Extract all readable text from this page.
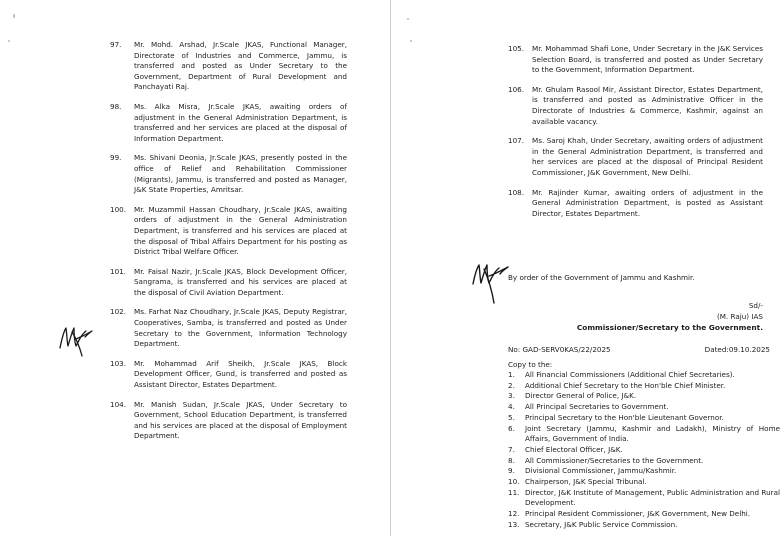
97.	Mr. Mohd. Arshad, Jr.Scale JKAS, Functional Manager, Directorate of Industries and Commerce, Jammu, is transferred and posted as Under Secretary to the Government, Department of Rural Development and Panchayati Raj.
98.	Ms. Alka Misra, Jr.Scale JKAS, awaiting orders of adjustment in the General Administration Department, is transferred and her services are placed at the disposal of Information Department.
99.	Ms. Shivani Deonia, Jr.Scale JKAS, presently posted in the office of Relief and Rehabilitation Commissioner (Migrants), Jammu, is transferred and posted as Manager, J&K State Properties, Amritsar.
100.	Mr. Muzammil Hassan Choudhary, Jr.Scale JKAS, awaiting orders of adjustment in the General Administration Department, is transferred and his services are placed at the disposal of Tribal Affairs Department for his posting as District Tribal Welfare Officer.
101.	Mr. Faisal Nazir, Jr.Scale JKAS, Block Development Officer, Sangrama, is transferred and his services are placed at the disposal of Civil Aviation Department.
102.	Ms. Farhat Naz Choudhary, Jr.Scale JKAS, Deputy Registrar, Cooperatives, Samba, is transferred and posted as Under Secretary to the Government, Information Technology Department.
103.	Mr. Mohammad Arif Sheikh, Jr.Scale JKAS, Block Development Officer, Gund, is transferred and posted as Assistant Director, Estates Department.
104.	Mr. Manish Sudan, Jr.Scale JKAS, Under Secretary to Government, School Education Department, is transferred and his services are placed at the disposal of Employment Department.
105.	Mr. Mohammad Shafi Lone, Under Secretary in the J&K Services Selection Board, is transferred and posted as Under Secretary to the Government, Information Department.
106.	Mr. Ghulam Rasool Mir, Assistant Director, Estates Department, is transferred and posted as Administrative Officer in the Directorate of Industries & Commerce, Kashmir, against an available vacancy.
107.	Ms. Saroj Khah, Under Secretary, awaiting orders of adjustment in the General Administration Department, is transferred and her services are placed at the disposal of Principal Resident Commissioner, J&K Government, New Delhi.
108.	Mr. Rajinder Kumar, awaiting orders of adjustment in the General Administration Department, is posted as Assistant Director, Estates Department.
By order of the Government of Jammu and Kashmir.
Sd/-
(M. Raju) IAS
Commissioner/Secretary to the Government.
No: GAD-SERV0KAS/22/2025	Dated:09.10.2025
Copy to the:
1.	All Financial Commissioners (Additional Chief Secretaries).
2.	Additional Chief Secretary to the Hon'ble Chief Minister.
3.	Director General of Police, J&K.
4.	All Principal Secretaries to Government.
5.	Principal Secretary to the Hon'ble Lieutenant Governor.
6.	Joint Secretary (Jammu, Kashmir and Ladakh), Ministry of Home Affairs, Government of India.
7.	Chief Electoral Officer, J&K.
8.	All Commissioner/Secretaries to the Government.
9.	Divisional Commissioner, Jammu/Kashmir.
10. Chairperson, J&K Special Tribunal.
11. Director, J&K Institute of Management, Public Administration and Rural Development.
12. Principal Resident Commissioner, J&K Government, New Delhi.
13. Secretary, J&K Public Service Commission.
